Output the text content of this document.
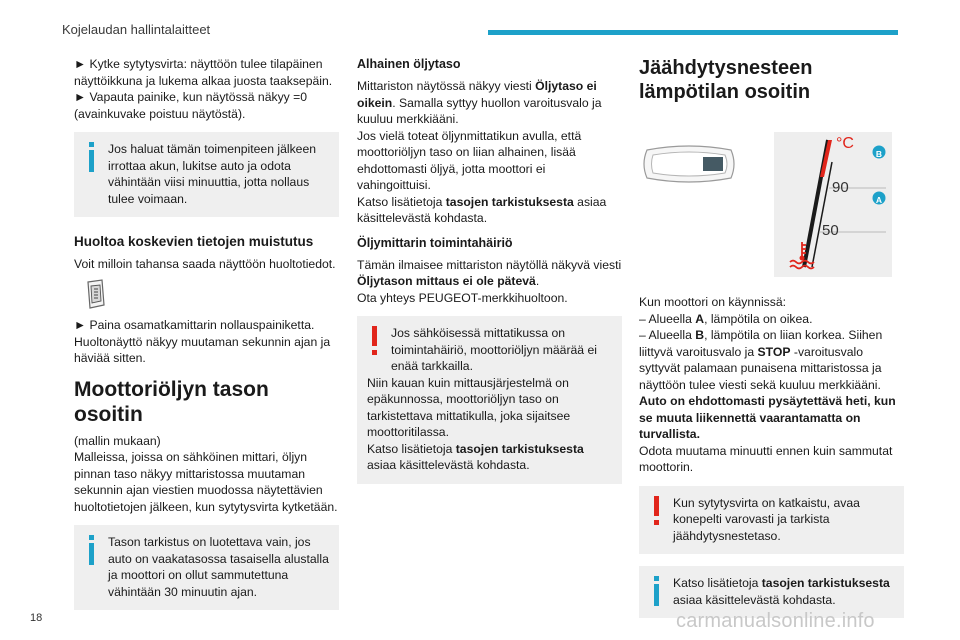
Kojelaudan hallintalaitteet

► Kytke sytytysvirta: näyttöön tulee tilapäinen näyttöikkuna ja lukema alkaa juosta taaksepäin.

► Vapauta painike, kun näytössä näkyy =0 (avainkuvake poistuu näytöstä).

Jos haluat tämän toimenpiteen jälkeen irrottaa akun, lukitse auto ja odota vähintään viisi minuuttia, jotta nollaus tulee voimaan.

Huoltoa koskevien tietojen muistutus

Voit milloin tahansa saada näyttöön huoltotiedot.

► Paina osamatkamittarin nollauspainiketta.

Huoltonäyttö näkyy muutaman sekunnin ajan ja häviää sitten.

Moottoriöljyn tason osoitin

(mallin mukaan)

Malleissa, joissa on sähköinen mittari, öljyn pinnan taso näkyy mittaristossa muutaman sekunnin ajan viestien muodossa näytettävien huoltotietojen jälkeen, kun sytytysvirta kytketään.

Tason tarkistus on luotettava vain, jos auto on vaakatasossa tasaisella alustalla ja moottori on ollut sammutettuna vähintään 30 minuutin ajan.

Alhainen öljytaso

Mittariston näytössä näkyy viesti Öljytaso ei oikein. Samalla syttyy huollon varoitusvalo ja kuuluu merkkiääni.

Jos vielä toteat öljynmittatikun avulla, että moottoriöljyn taso on liian alhainen, lisää ehdottomasti öljyä, jotta moottori ei vahingoittuisi.

Katso lisätietoja tasojen tarkistuksesta asiaa käsittelevästä kohdasta.

Öljymittarin toimintahäiriö

Tämän ilmaisee mittariston näytöllä näkyvä viesti Öljytason mittaus ei ole pätevä.

Ota yhteys PEUGEOT-merkkihuoltoon.

Jos sähköisessä mittatikussa on toimintahäiriö, moottoriöljyn määrää ei enää tarkkailla.

Niin kauan kuin mittausjärjestelmä on epäkunnossa, moottoriöljyn taso on tarkistettava mittatikulla, joka sijaitsee moottoritilassa.

Katso lisätietoja tasojen tarkistuksesta asiaa käsittelevästä kohdasta.

Jäähdytysnesteen lämpötilan osoitin
°C
90
50
B
A

Kun moottori on käynnissä:

– Alueella A, lämpötila on oikea.

– Alueella B, lämpötila on liian korkea. Siihen liittyvä varoitusvalo ja STOP -varoitusvalo syttyvät palamaan punaisena mittaristossa ja näyttöön tulee viesti sekä kuuluu merkkiääni.

Auto on ehdottomasti pysäytettävä heti, kun se muuta liikennettä vaarantamatta on turvallista.

Odota muutama minuutti ennen kuin sammutat moottorin.

Kun sytytysvirta on katkaistu, avaa konepelti varovasti ja tarkista jäähdytysnestetaso.

Katso lisätietoja tasojen tarkistuksesta asiaa käsittelevästä kohdasta.

18	carmanualsonline.info
